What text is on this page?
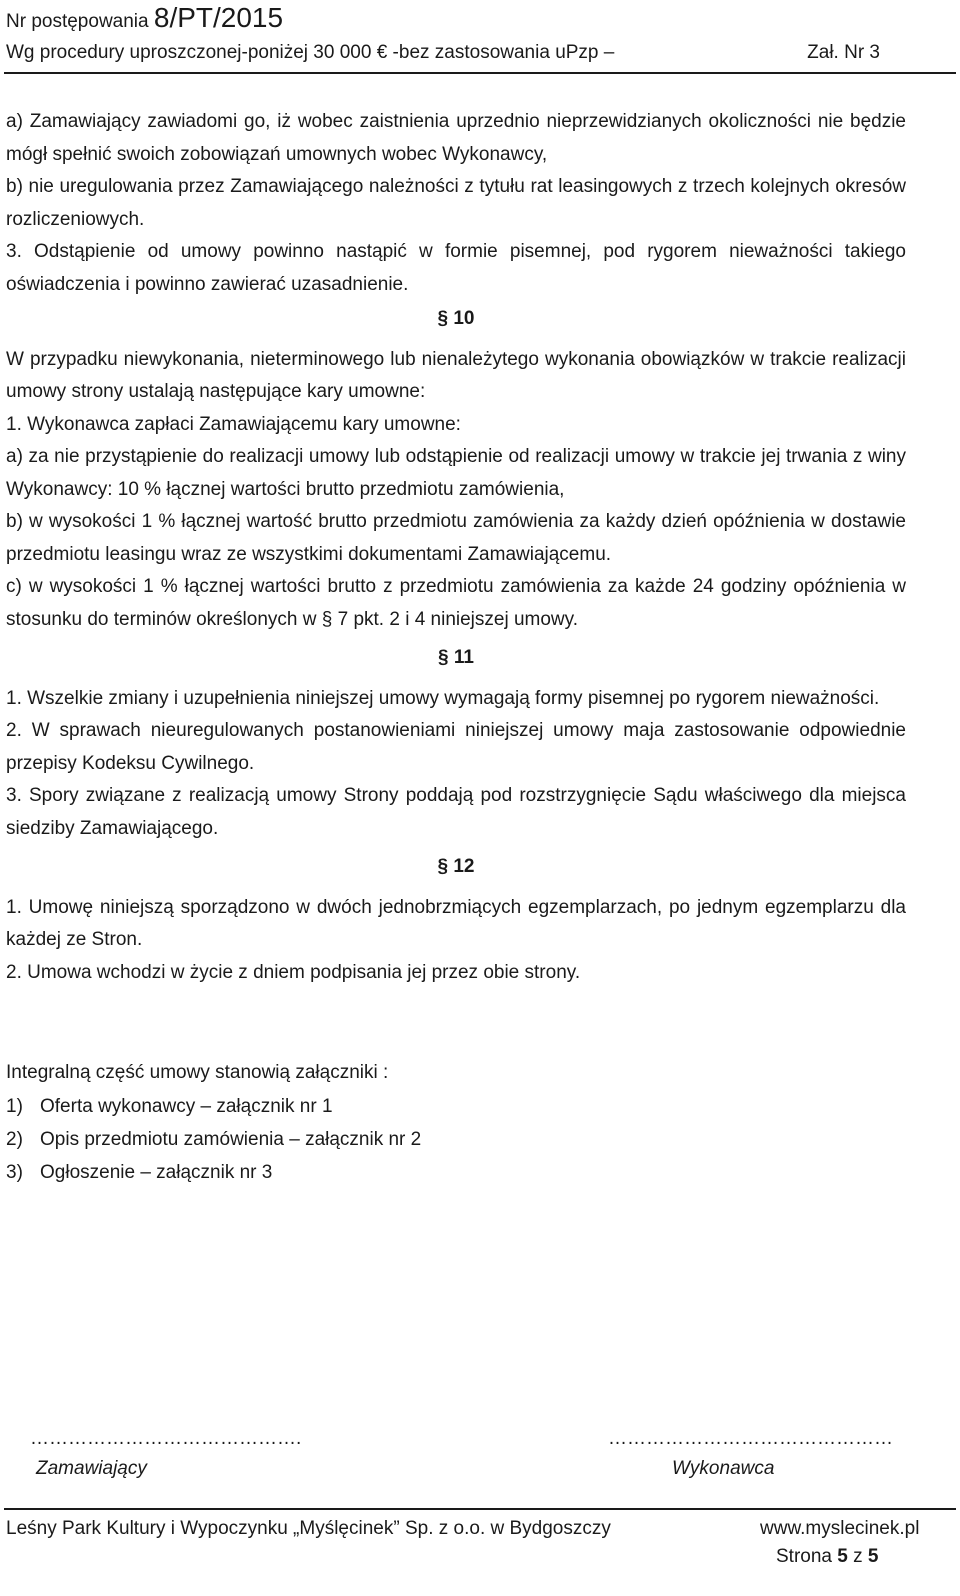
Nr postępowania 8/PT/2015
Wg procedury uproszczonej-poniżej 30 000 € -bez zastosowania uPzp –	Zał. Nr 3

a) Zamawiający zawiadomi go, iż wobec zaistnienia uprzednio nieprzewidzianych okoliczności nie będzie mógł spełnić swoich zobowiązań umownych wobec Wykonawcy,

b) nie uregulowania przez Zamawiającego należności z tytułu rat leasingowych z trzech kolejnych okresów rozliczeniowych.

3. Odstąpienie od umowy powinno nastąpić w formie pisemnej, pod rygorem nieważności takiego oświadczenia i powinno zawierać uzasadnienie.

§ 10

W przypadku niewykonania, nieterminowego lub nienależytego wykonania obowiązków w trakcie realizacji umowy strony ustalają następujące kary umowne:

1. Wykonawca zapłaci Zamawiającemu kary umowne:

a) za nie przystąpienie do realizacji umowy lub odstąpienie od realizacji umowy w trakcie jej trwania z winy Wykonawcy: 10 % łącznej wartości brutto przedmiotu zamówienia,

b) w wysokości 1 % łącznej wartość brutto przedmiotu zamówienia za każdy dzień opóźnienia w dostawie przedmiotu leasingu wraz ze wszystkimi dokumentami Zamawiającemu.

c) w wysokości 1 % łącznej wartości brutto z przedmiotu zamówienia za każde 24 godziny opóźnienia w stosunku do terminów określonych w § 7 pkt. 2 i 4 niniejszej umowy.

§ 11

1. Wszelkie zmiany i uzupełnienia niniejszej umowy wymagają formy pisemnej po rygorem nieważności.

2. W sprawach nieuregulowanych postanowieniami niniejszej umowy maja zastosowanie odpowiednie przepisy Kodeksu Cywilnego.

3. Spory związane z realizacją umowy Strony poddają pod rozstrzygnięcie Sądu właściwego dla miejsca siedziby Zamawiającego.

§ 12

1. Umowę niniejszą sporządzono w dwóch jednobrzmiących egzemplarzach, po jednym egzemplarzu dla każdej ze Stron.

2. Umowa wchodzi w życie z dniem podpisania jej przez obie strony.

Integralną część umowy stanowią załączniki :

1) Oferta wykonawcy – załącznik nr 1
2) Opis przedmiotu zamówienia – załącznik nr 2
3) Ogłoszenie – załącznik nr 3
…………………………………….	………………………………………
Zamawiający	Wykonawca
Leśny Park Kultury i Wypoczynku „Myślęcinek” Sp. z o.o. w Bydgoszczy	www.myslecinek.pl
Strona 5 z 5
